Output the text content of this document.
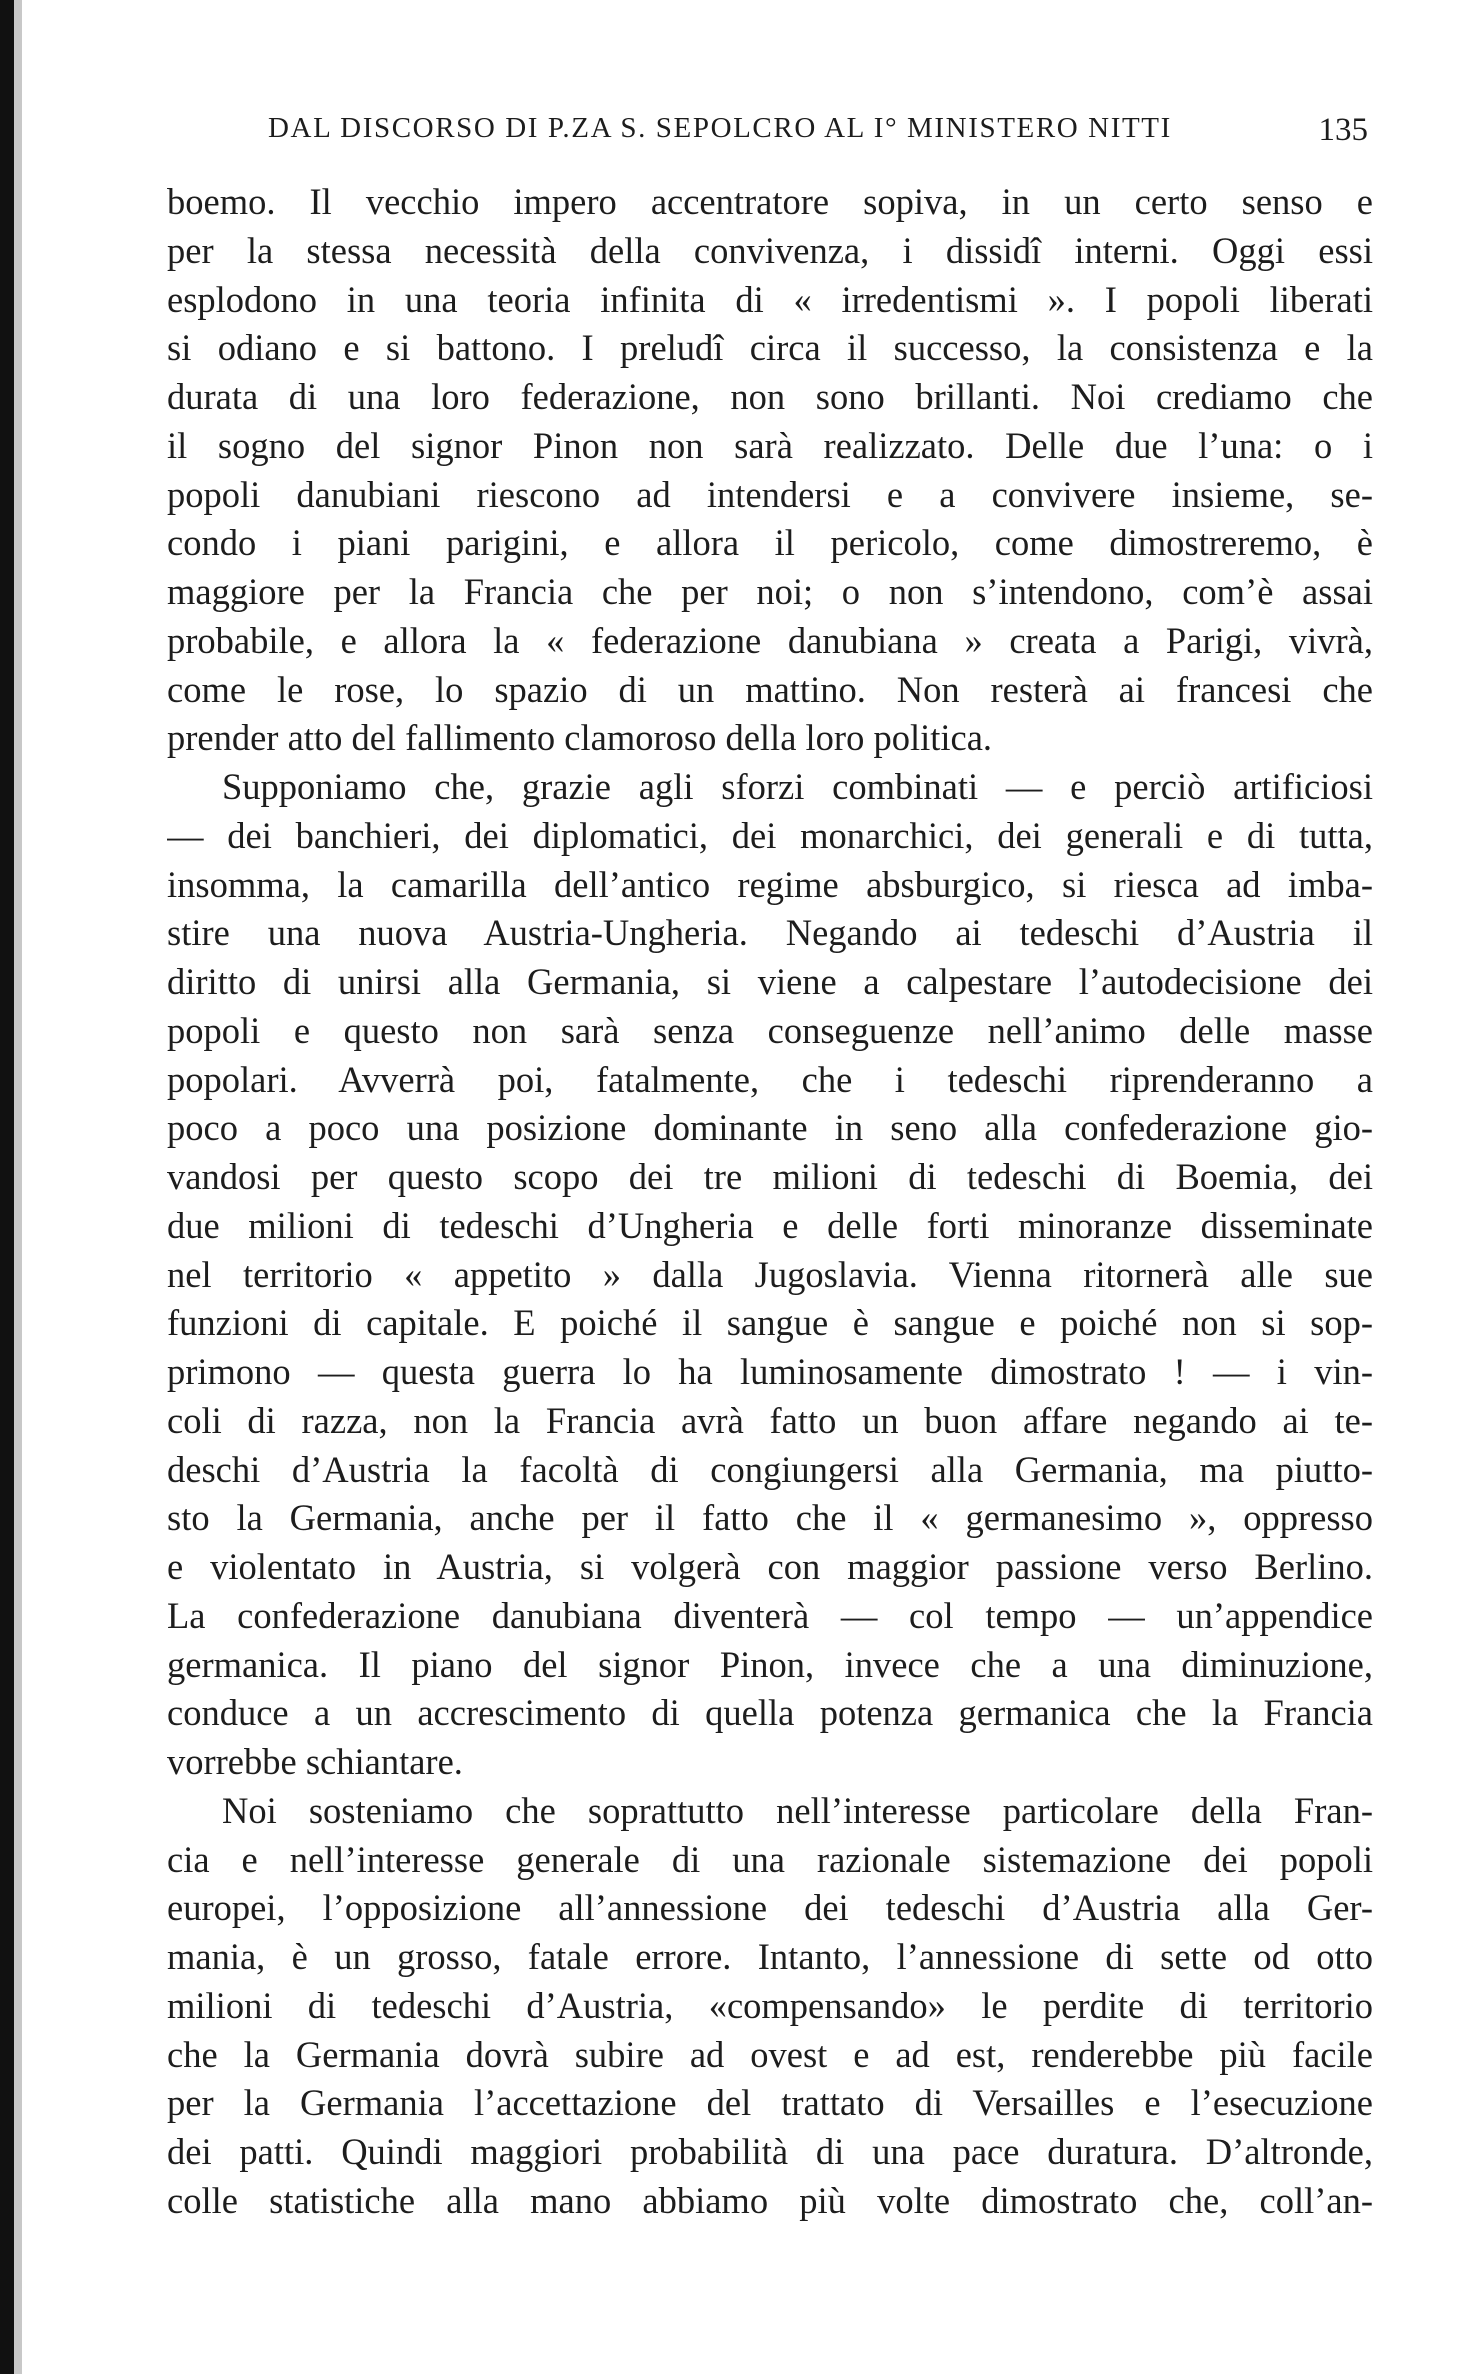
DAL DISCORSO DI P.ZA S. SEPOLCRO AL I° MINISTERO NITTI	135
boemo. Il vecchio impero accentratore sopiva, in un certo senso e
per la stessa necessità della convivenza, i dissidî interni. Oggi essi
esplodono in una teoria infinita di « irredentismi ». I popoli liberati
si odiano e si battono. I preludî circa il successo, la consistenza e la
durata di una loro federazione, non sono brillanti. Noi crediamo che
il sogno del signor Pinon non sarà realizzato. Delle due l’una: o i
popoli danubiani riescono ad intendersi e a convivere insieme, se-
condo i piani parigini, e allora il pericolo, come dimostreremo, è
maggiore per la Francia che per noi; o non s’intendono, com’è assai
probabile, e allora la « federazione danubiana » creata a Parigi, vivrà,
come le rose, lo spazio di un mattino. Non resterà ai francesi che
prender atto del fallimento clamoroso della loro politica.
Supponiamo che, grazie agli sforzi combinati — e perciò artificiosi
— dei banchieri, dei diplomatici, dei monarchici, dei generali e di tutta,
insomma, la camarilla dell’antico regime absburgico, si riesca ad imba-
stire una nuova Austria-Ungheria. Negando ai tedeschi d’Austria il
diritto di unirsi alla Germania, si viene a calpestare l’autodecisione dei
popoli e questo non sarà senza conseguenze nell’animo delle masse
popolari. Avverrà poi, fatalmente, che i tedeschi riprenderanno a
poco a poco una posizione dominante in seno alla confederazione gio-
vandosi per questo scopo dei tre milioni di tedeschi di Boemia, dei
due milioni di tedeschi d’Ungheria e delle forti minoranze disseminate
nel territorio « appetito » dalla Jugoslavia. Vienna ritornerà alle sue
funzioni di capitale. E poiché il sangue è sangue e poiché non si sop-
primono — questa guerra lo ha luminosamente dimostrato ! — i vin-
coli di razza, non la Francia avrà fatto un buon affare negando ai te-
deschi d’Austria la facoltà di congiungersi alla Germania, ma piutto-
sto la Germania, anche per il fatto che il « germanesimo », oppresso
e violentato in Austria, si volgerà con maggior passione verso Berlino.
La confederazione danubiana diventerà — col tempo — un’appendice
germanica. Il piano del signor Pinon, invece che a una diminuzione,
conduce a un accrescimento di quella potenza germanica che la Francia
vorrebbe schiantare.
Noi sosteniamo che soprattutto nell’interesse particolare della Fran-
cia e nell’interesse generale di una razionale sistemazione dei popoli
europei, l’opposizione all’annessione dei tedeschi d’Austria alla Ger-
mania, è un grosso, fatale errore. Intanto, l’annessione di sette od otto
milioni di tedeschi d’Austria, «compensando» le perdite di territorio
che la Germania dovrà subire ad ovest e ad est, renderebbe più facile
per la Germania l’accettazione del trattato di Versailles e l’esecuzione
dei patti. Quindi maggiori probabilità di una pace duratura. D’altronde,
colle statistiche alla mano abbiamo più volte dimostrato che, coll’an-
